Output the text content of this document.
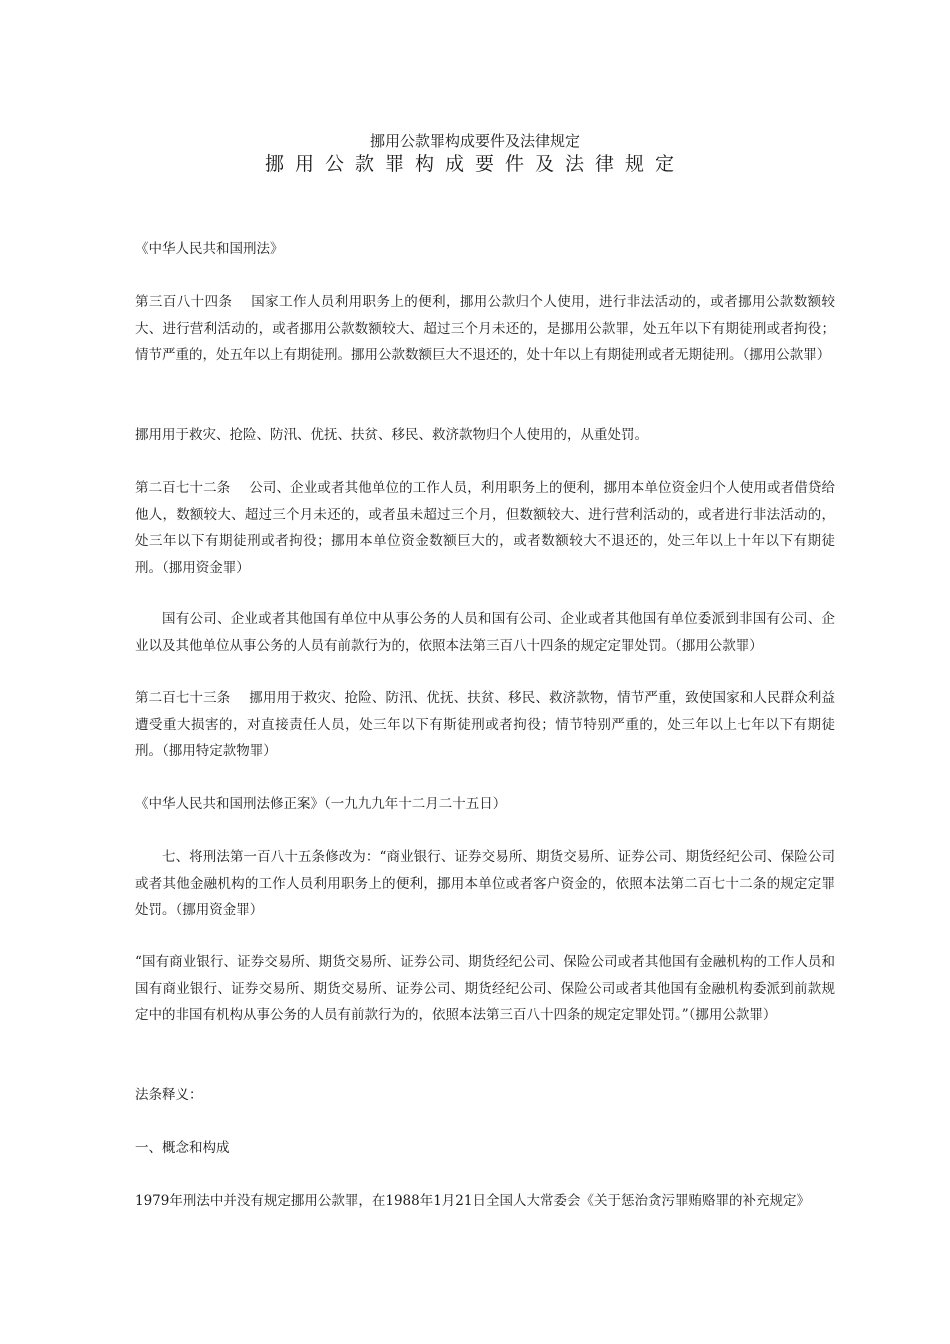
挪用公款罪构成要件及法律规定
挪用公款罪构成要件及法律规定

《中华人民共和国刑法》

第三百八十四条 国家工作人员利用职务上的便利，挪用公款归个人使用，进行非法活动的，或者挪用公款数额较大、进行营利活动的，或者挪用公款数额较大、超过三个月未还的，是挪用公款罪，处五年以下有期徒刑或者拘役；情节严重的，处五年以上有期徒刑。挪用公款数额巨大不退还的，处十年以上有期徒刑或者无期徒刑。（挪用公款罪）

挪用用于救灾、抢险、防汛、优抚、扶贫、移民、救济款物归个人使用的，从重处罚。

第二百七十二条 公司、企业或者其他单位的工作人员，利用职务上的便利，挪用本单位资金归个人使用或者借贷给他人，数额较大、超过三个月未还的，或者虽未超过三个月，但数额较大、进行营利活动的，或者进行非法活动的，处三年以下有期徒刑或者拘役；挪用本单位资金数额巨大的，或者数额较大不退还的，处三年以上十年以下有期徒刑。（挪用资金罪）

国有公司、企业或者其他国有单位中从事公务的人员和国有公司、企业或者其他国有单位委派到非国有公司、企业以及其他单位从事公务的人员有前款行为的，依照本法第三百八十四条的规定定罪处罚。（挪用公款罪）

第二百七十三条 挪用用于救灾、抢险、防汛、优抚、扶贫、移民、救济款物，情节严重，致使国家和人民群众利益遭受重大损害的，对直接责任人员，处三年以下有斯徒刑或者拘役；情节特别严重的，处三年以上七年以下有期徒刑。（挪用特定款物罪）

《中华人民共和国刑法修正案》（一九九九年十二月二十五日）

七、将刑法第一百八十五条修改为：“商业银行、证券交易所、期货交易所、证券公司、期货经纪公司、保险公司或者其他金融机构的工作人员利用职务上的便利，挪用本单位或者客户资金的，依照本法第二百七十二条的规定定罪处罚。（挪用资金罪）

“国有商业银行、证券交易所、期货交易所、证券公司、期货经纪公司、保险公司或者其他国有金融机构的工作人员和国有商业银行、证券交易所、期货交易所、证券公司、期货经纪公司、保险公司或者其他国有金融机构委派到前款规定中的非国有机构从事公务的人员有前款行为的，依照本法第三百八十四条的规定定罪处罚。”（挪用公款罪）

法条释义：

一、概念和构成

1979年刑法中并没有规定挪用公款罪，在1988年1月21日全国人大常委会《关于惩治贪污罪贿赂罪的补充规定》
